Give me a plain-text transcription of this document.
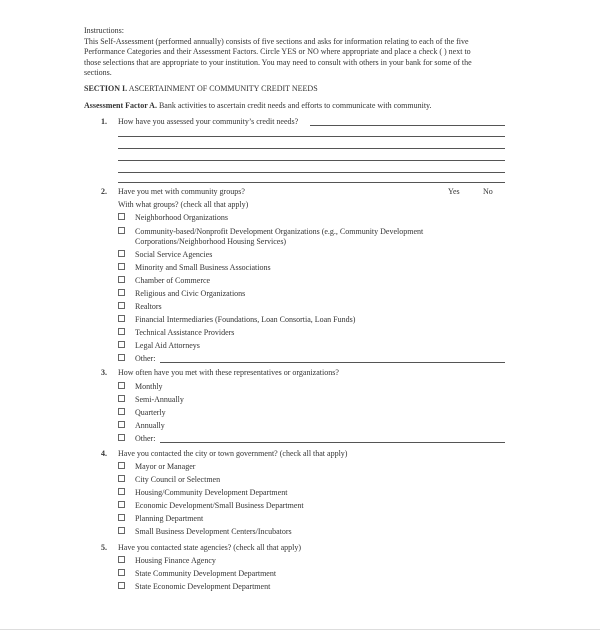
Instructions:
This Self-Assessment (performed annually) consists of five sections and asks for information relating to each of the five
Performance Categories and their Assessment Factors. Circle YES or NO where appropriate and place a check ( ) next to
those selections that are appropriate to your institution. You may need to consult with others in your bank for some of the
sections.
SECTION I. ASCERTAINMENT OF COMMUNITY CREDIT NEEDS
Assessment Factor A. Bank activities to ascertain credit needs and efforts to communicate with community.
1. How have you assessed your community’s credit needs?
2. Have you met with community groups?	Yes	No
With what groups? (check all that apply)
Neighborhood Organizations
Community-based/Nonprofit Development Organizations (e.g., Community Development
Corporations/Neighborhood Housing Services)
Social Service Agencies
Minority and Small Business Associations
Chamber of Commerce
Religious and Civic Organizations
Realtors
Financial Intermediaries (Foundations, Loan Consortia, Loan Funds)
Technical Assistance Providers
Legal Aid Attorneys
Other:
3. How often have you met with these representatives or organizations?
Monthly
Semi-Annually
Quarterly
Annually
Other:
4. Have you contacted the city or town government? (check all that apply)
Mayor or Manager
City Council or Selectmen
Housing/Community Development Department
Economic Development/Small Business Department
Planning Department
Small Business Development Centers/Incubators
5. Have you contacted state agencies? (check all that apply)
Housing Finance Agency
State Community Development Department
State Economic Development Department
